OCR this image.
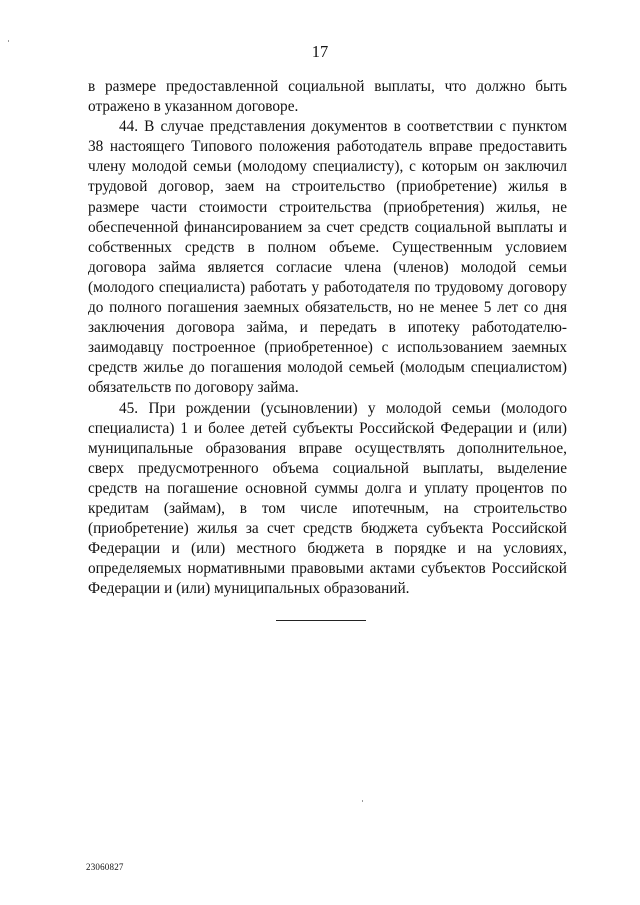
17

в размере предоставленной социальной выплаты, что должно быть отражено в указанном договоре.

44. В случае представления документов в соответствии с пунктом 38 настоящего Типового положения работодатель вправе предоставить члену молодой семьи (молодому специалисту), с которым он заключил трудовой договор, заем на строительство (приобретение) жилья в размере части стоимости строительства (приобретения) жилья, не обеспеченной финансированием за счет средств социальной выплаты и собственных средств в полном объеме. Существенным условием договора займа является согласие члена (членов) молодой семьи (молодого специалиста) работать у работодателя по трудовому договору до полного погашения заемных обязательств, но не менее 5 лет со дня заключения договора займа, и передать в ипотеку работодателю-заимодавцу построенное (приобретенное) с использованием заемных средств жилье до погашения молодой семьей (молодым специалистом) обязательств по договору займа.

45. При рождении (усыновлении) у молодой семьи (молодого специалиста) 1 и более детей субъекты Российской Федерации и (или) муниципальные образования вправе осуществлять дополнительное, сверх предусмотренного объема социальной выплаты, выделение средств на погашение основной суммы долга и уплату процентов по кредитам (займам), в том числе ипотечным, на строительство (приобретение) жилья за счет средств бюджета субъекта Российской Федерации и (или) местного бюджета в порядке и на условиях, определяемых нормативными правовыми актами субъектов Российской Федерации и (или) муниципальных образований.

23060827
